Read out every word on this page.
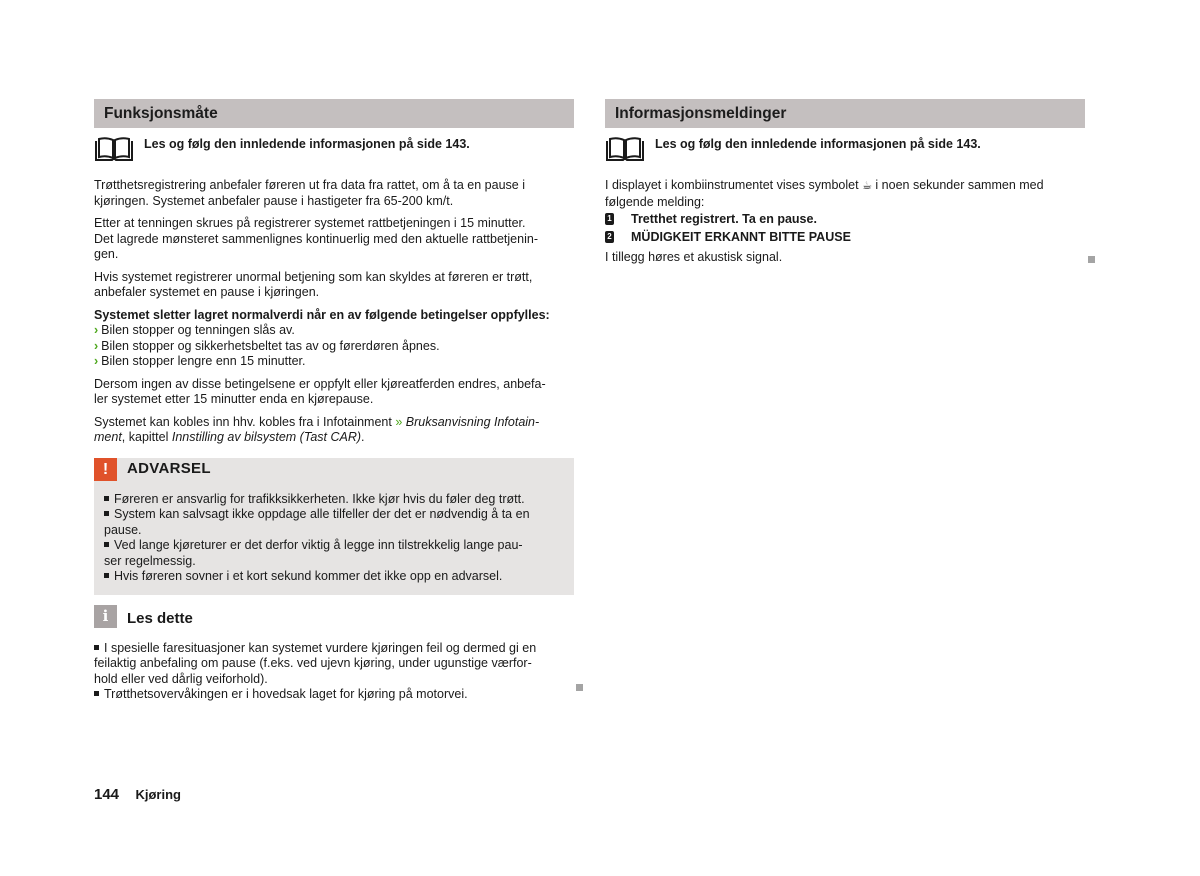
Funksjonsmåte
Les og følg den innledende informasjonen på side 143.

Trøtthetsregistrering anbefaler føreren ut fra data fra rattet, om å ta en pause i
kjøringen. Systemet anbefaler pause i hastigeter fra 65-200 km/t.

Etter at tenningen skrues på registrerer systemet rattbetjeningen i 15 minutter.
Det lagrede mønsteret sammenlignes kontinuerlig med den aktuelle rattbetjenin-
gen.

Hvis systemet registrerer unormal betjening som kan skyldes at føreren er trøtt,
anbefaler systemet en pause i kjøringen.

Systemet sletter lagret normalverdi når en av følgende betingelser oppfylles:

› Bilen stopper og tenningen slås av.
› Bilen stopper og sikkerhetsbeltet tas av og førerdøren åpnes.
› Bilen stopper lengre enn 15 minutter.

Dersom ingen av disse betingelsene er oppfylt eller kjøreatferden endres, anbefa-
ler systemet etter 15 minutter enda en kjørepause.

Systemet kan kobles inn hhv. kobles fra i Infotainment » Bruksanvisning Infotain-
ment, kapittel Innstilling av bilsystem (Tast CAR).

!	ADVARSEL
Føreren er ansvarlig for trafikksikkerheten. Ikke kjør hvis du føler deg trøtt.
System kan salvsagt ikke oppdage alle tilfeller der det er nødvendig å ta en
pause.
Ved lange kjøreturer er det derfor viktig å legge inn tilstrekkelig lange pau-
ser regelmessig.
Hvis føreren sovner i et kort sekund kommer det ikke opp en advarsel.
i	Les dette
I spesielle faresituasjoner kan systemet vurdere kjøringen feil og dermed gi en
feilaktig anbefaling om pause (f.eks. ved ujevn kjøring, under ugunstige værfor-
hold eller ved dårlig veiforhold).
Trøtthetsovervåkingen er i hovedsak laget for kjøring på motorvei.
Informasjonsmeldinger
Les og følg den innledende informasjonen på side 143.

I displayet i kombiinstrumentet vises symbolet ☕ i noen sekunder sammen med
følgende melding:

1 Tretthet registrert. Ta en pause.
2 MÜDIGKEIT ERKANNT BITTE PAUSE

I tillegg høres et akustisk signal.

144 Kjøring
